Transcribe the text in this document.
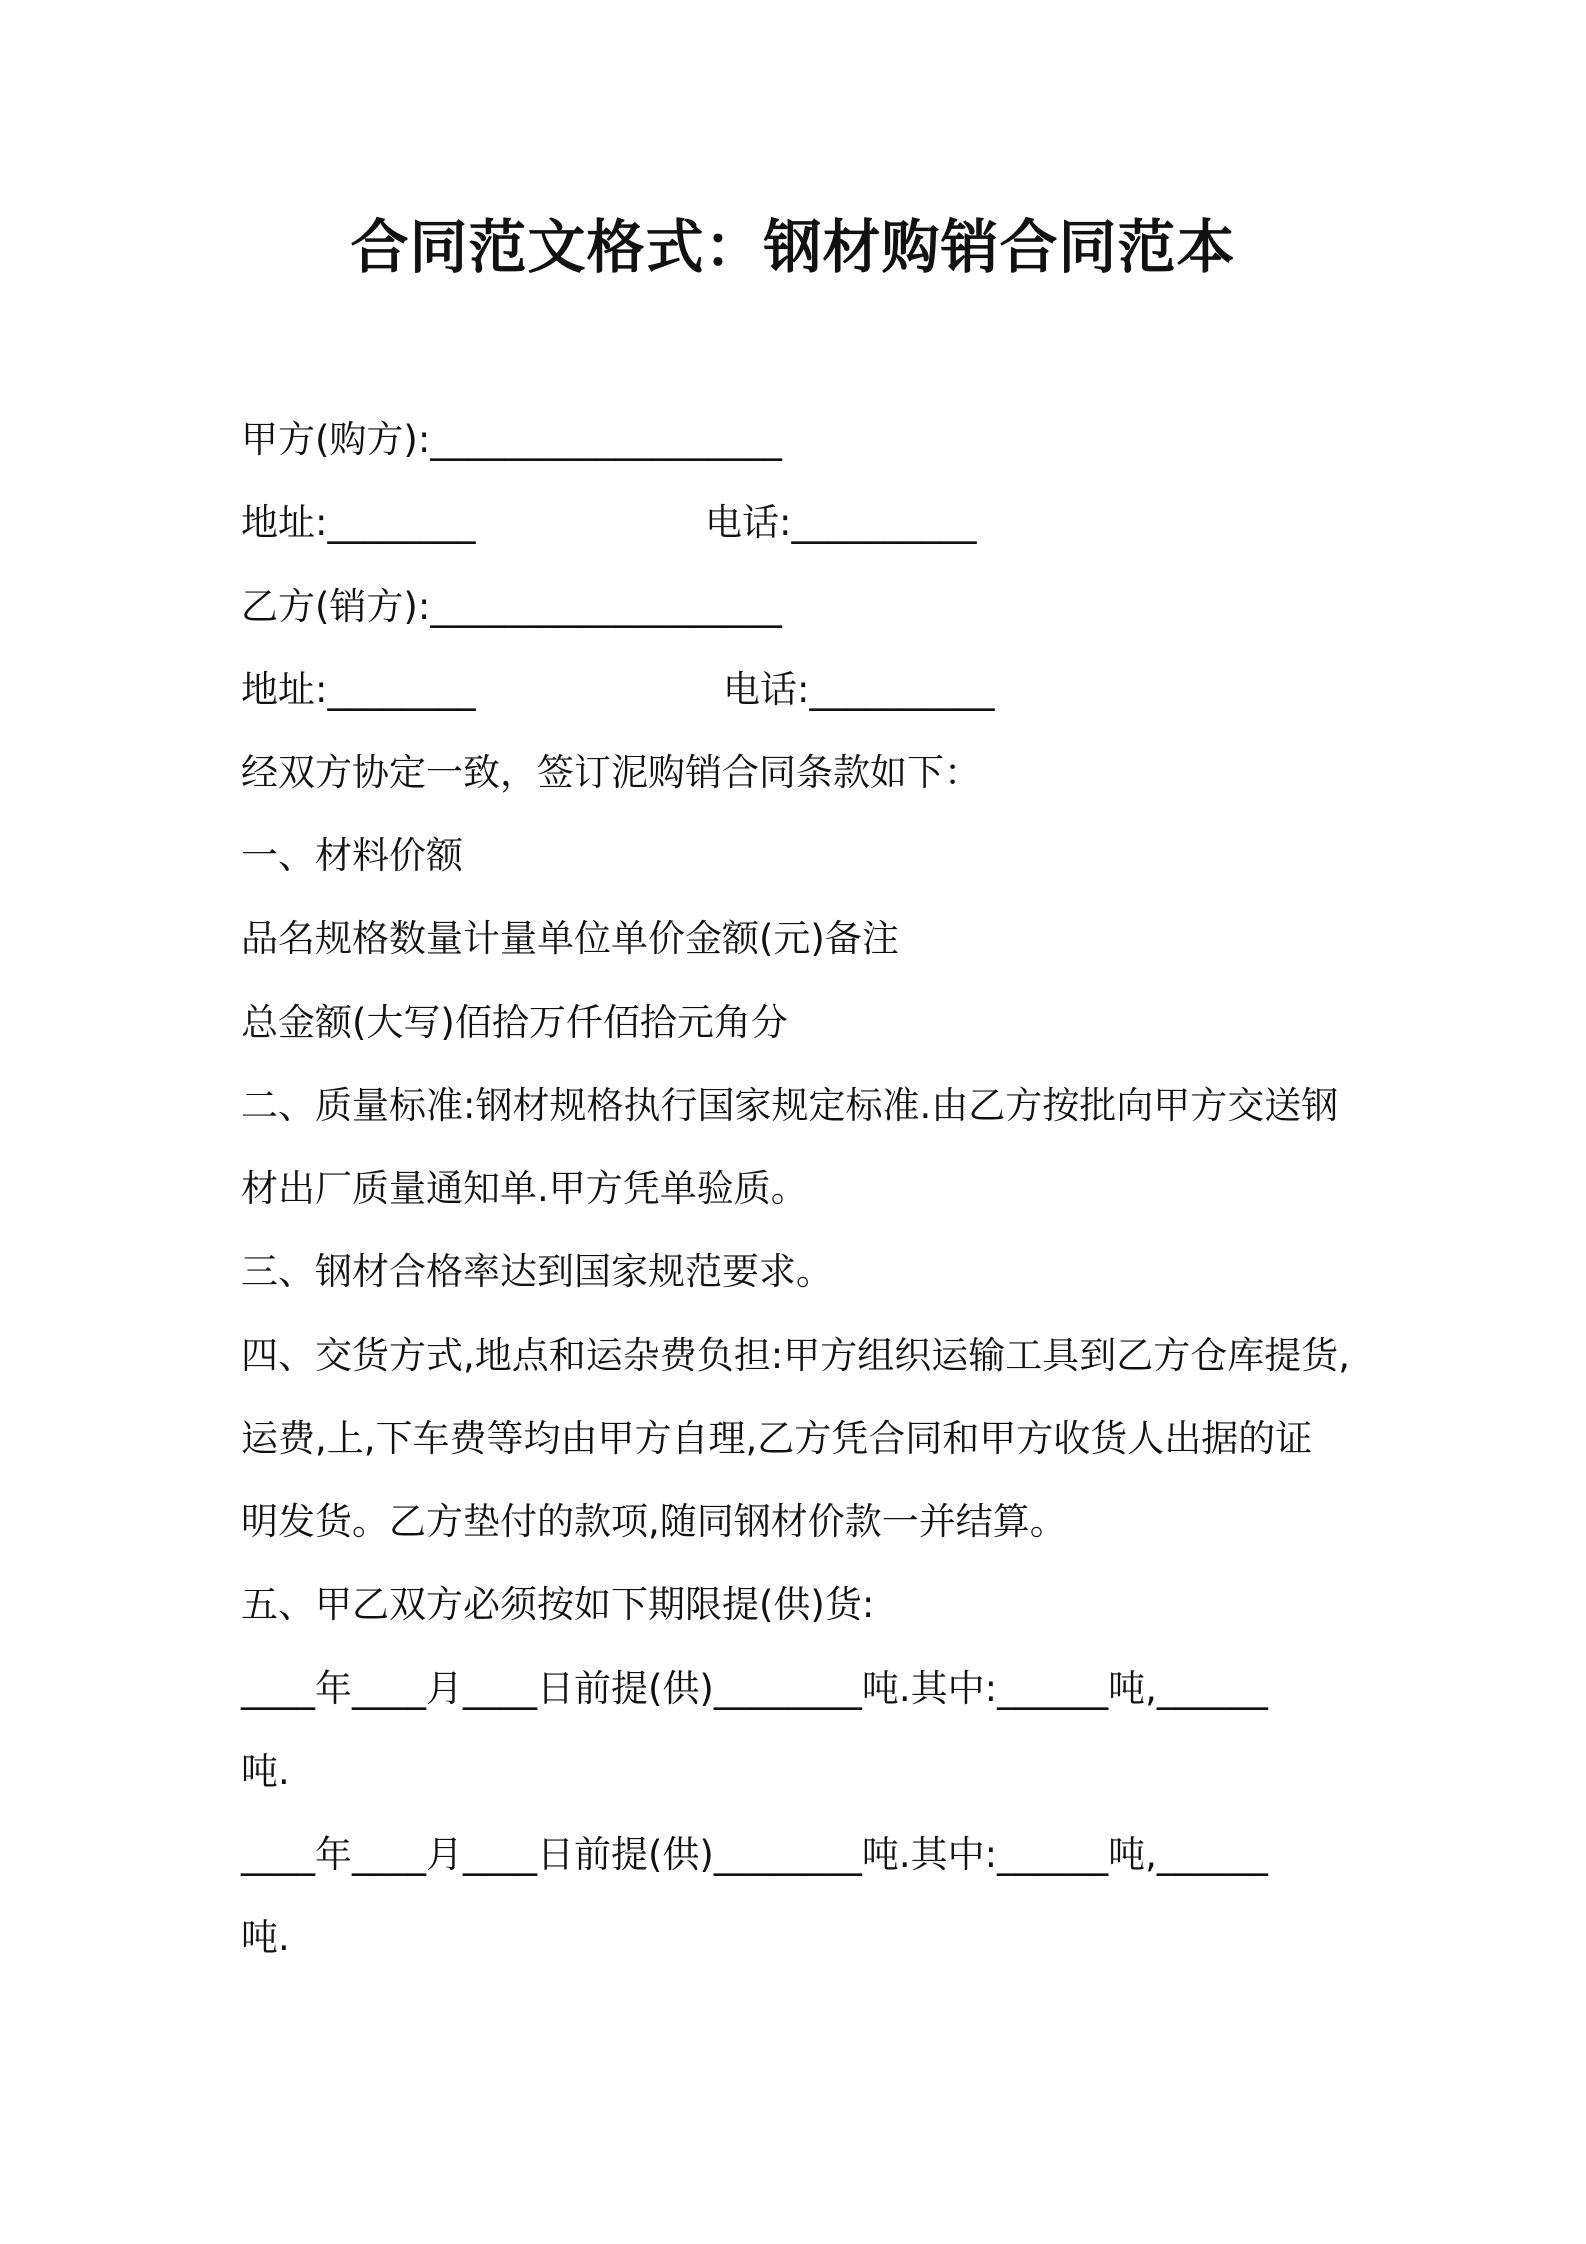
合同范文格式：钢材购销合同范本
甲方(购方):___________________
地址:________	电话:__________
乙方(销方):___________________
地址:________	电话:__________
经双方协定一致，签订泥购销合同条款如下：
一、材料价额
品名规格数量计量单位单价金额(元)备注
总金额(大写)佰拾万仟佰拾元角分
二、质量标准:钢材规格执行国家规定标准.由乙方按批向甲方交送钢
材出厂质量通知单.甲方凭单验质。
三、钢材合格率达到国家规范要求。
四、交货方式,地点和运杂费负担:甲方组织运输工具到乙方仓库提货,
运费,上,下车费等均由甲方自理,乙方凭合同和甲方收货人出据的证
明发货。乙方垫付的款项,随同钢材价款一并结算。
五、甲乙双方必须按如下期限提(供)货:
____年____月____日前提(供)________吨.其中:______吨,______
吨.
____年____月____日前提(供)________吨.其中:______吨,______
吨.
